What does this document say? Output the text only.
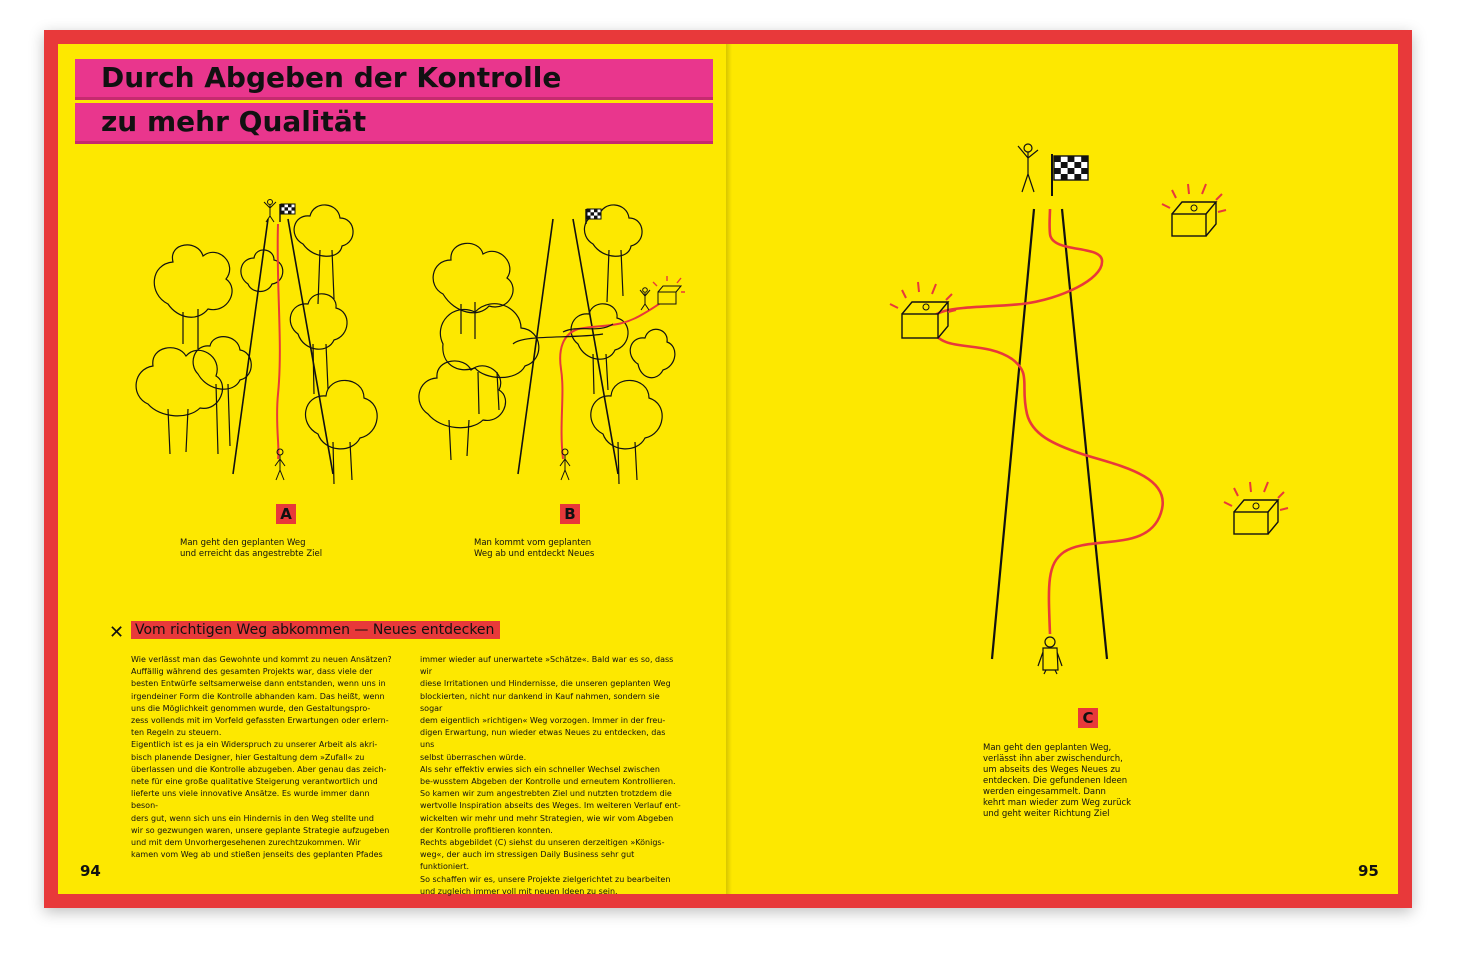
Durch Abgeben der Kontrolle
zu mehr Qualität
A
Man geht den geplanten Weg
und erreicht das angestrebte Ziel
B
Man kommt vom geplanten
Weg ab und entdeckt Neues
✕ Vom richtigen Weg abkommen — Neues entdecken
Wie verlässt man das Gewohnte und kommt zu neuen Ansätzen?
Auffällig während des gesamten Projekts war, dass viele der
besten Entwürfe seltsamerweise dann entstanden, wenn uns in
irgendeiner Form die Kontrolle abhanden kam. Das heißt, wenn
uns die Möglichkeit genommen wurde, den Gestaltungspro-
zess vollends mit im Vorfeld gefassten Erwartungen oder erlern-
ten Regeln zu steuern.
Eigentlich ist es ja ein Widerspruch zu unserer Arbeit als akri-
bisch planende Designer, hier Gestaltung dem »Zufall« zu
überlassen und die Kontrolle abzugeben. Aber genau das zeich-
nete für eine große qualitative Steigerung verantwortlich und
lieferte uns viele innovative Ansätze. Es wurde immer dann beson-
ders gut, wenn sich uns ein Hindernis in den Weg stellte und
wir so gezwungen waren, unsere geplante Strategie aufzugeben
und mit dem Unvorhergesehenen zurechtzukommen. Wir
kamen vom Weg ab und stießen jenseits des geplanten Pfades
immer wieder auf unerwartete »Schätze«. Bald war es so, dass wir
diese Irritationen und Hindernisse, die unseren geplanten Weg
blockierten, nicht nur dankend in Kauf nahmen, sondern sie sogar
dem eigentlich »richtigen« Weg vorzogen. Immer in der freu-
digen Erwartung, nun wieder etwas Neues zu entdecken, das uns
selbst überraschen würde.
Als sehr effektiv erwies sich ein schneller Wechsel zwischen
be-wusstem Abgeben der Kontrolle und erneutem Kontrollieren.
So kamen wir zum angestrebten Ziel und nutzten trotzdem die
wertvolle Inspiration abseits des Weges. Im weiteren Verlauf ent-
wickelten wir mehr und mehr Strategien, wie wir vom Abgeben
der Kontrolle profitieren konnten.
Rechts abgebildet (C) siehst du unseren derzeitigen »Königs-
weg«, der auch im stressigen Daily Business sehr gut funktioniert.
So schaffen wir es, unsere Projekte zielgerichtet zu bearbeiten
und zugleich immer voll mit neuen Ideen zu sein.
94
C
Man geht den geplanten Weg,
verlässt ihn aber zwischendurch,
um abseits des Weges Neues zu
entdecken. Die gefundenen Ideen
werden eingesammelt. Dann
kehrt man wieder zum Weg zurück
und geht weiter Richtung Ziel
95
